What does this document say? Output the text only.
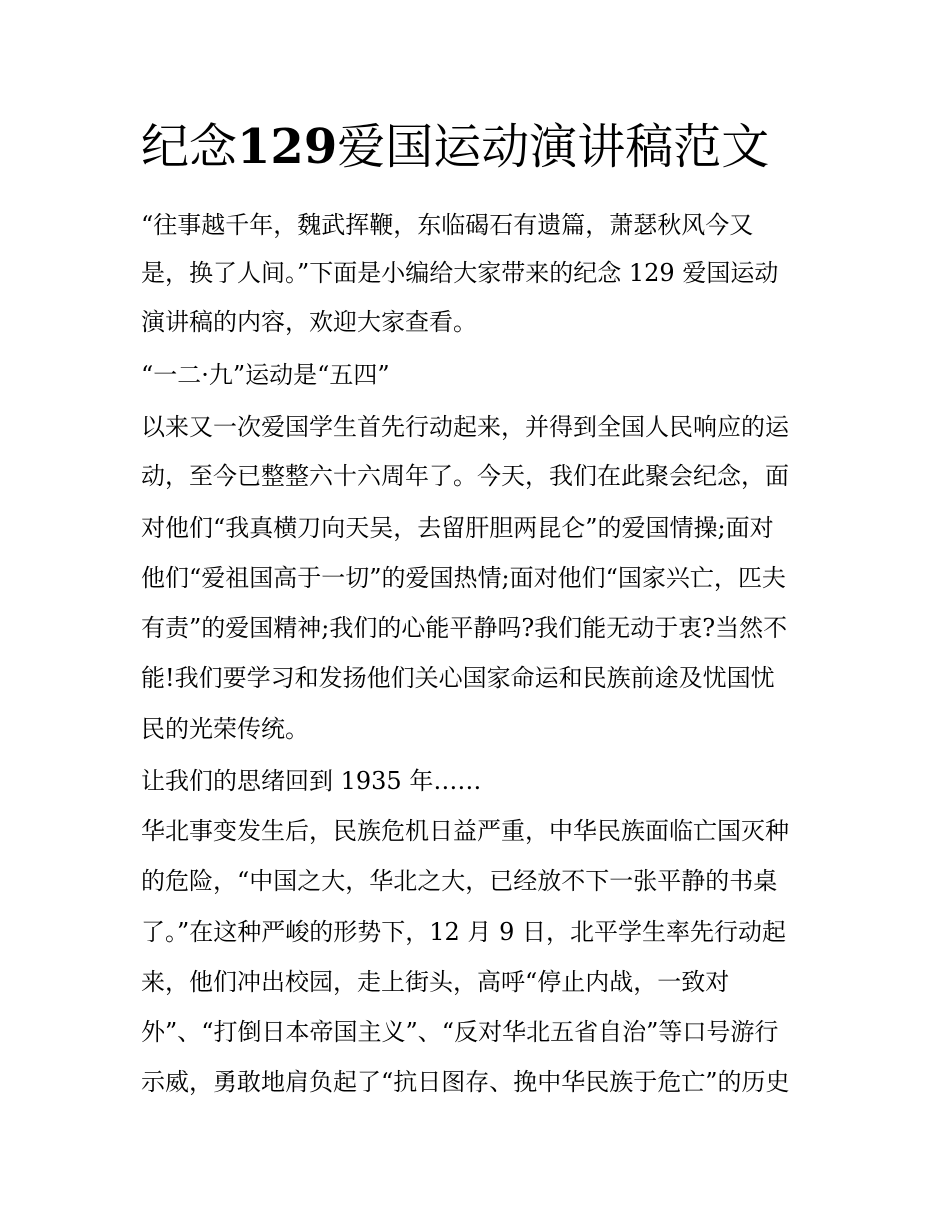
纪念129爱国运动演讲稿范文

“往事越千年，魏武挥鞭，东临碣石有遗篇，萧瑟秋风今又

是，换了人间。”下面是小编给大家带来的纪念 129 爱国运动

演讲稿的内容，欢迎大家查看。

“一二·九”运动是“五四”

以来又一次爱国学生首先行动起来，并得到全国人民响应的运

动，至今已整整六十六周年了。今天，我们在此聚会纪念，面

对他们“我真横刀向天吴，去留肝胆两昆仑”的爱国情操;面对

他们“爱祖国高于一切”的爱国热情;面对他们“国家兴亡，匹夫

有责”的爱国精神;我们的心能平静吗?我们能无动于衷?当然不

能!我们要学习和发扬他们关心国家命运和民族前途及忧国忧

民的光荣传统。

让我们的思绪回到 1935 年……

华北事变发生后，民族危机日益严重，中华民族面临亡国灭种

的危险，“中国之大，华北之大，已经放不下一张平静的书桌

了。”在这种严峻的形势下，12 月 9 日，北平学生率先行动起

来，他们冲出校园，走上街头，高呼“停止内战，一致对

外”、“打倒日本帝国主义”、“反对华北五省自治”等口号游行

示威，勇敢地肩负起了“抗日图存、挽中华民族于危亡”的历史
